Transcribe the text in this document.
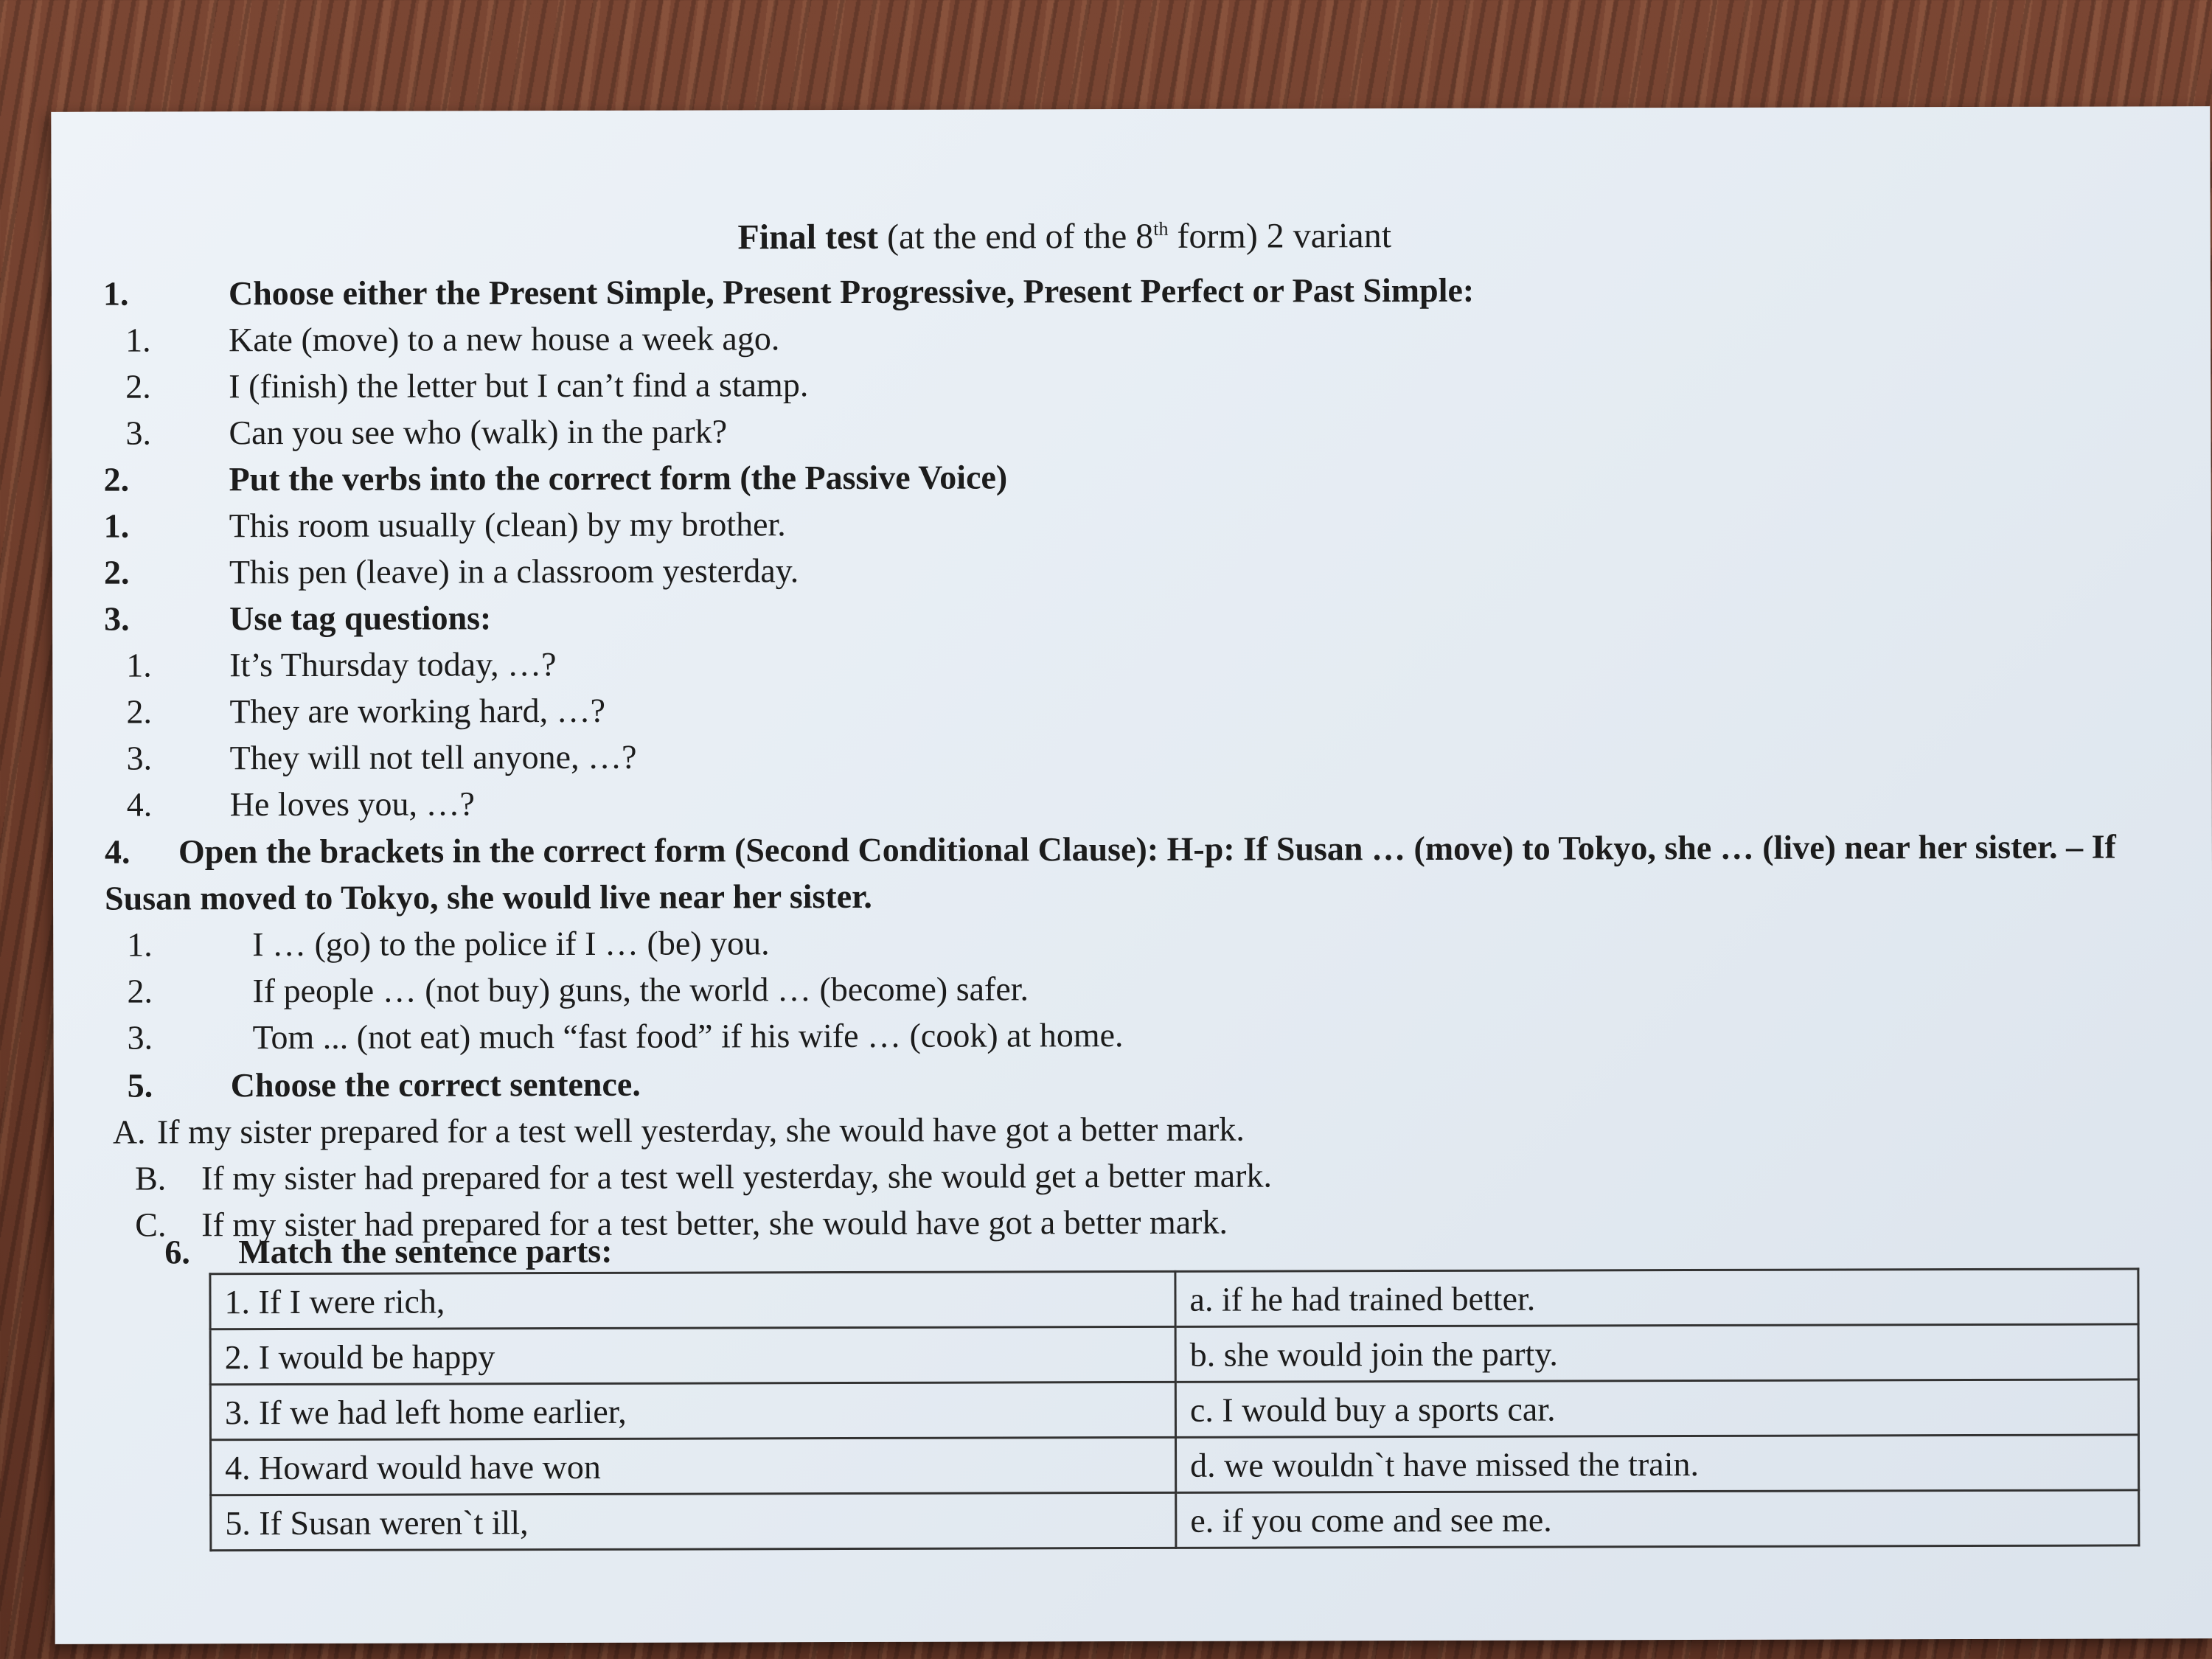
Final test (at the end of the 8th form) 2 variant
1.	Choose either the Present Simple, Present Progressive, Present Perfect or Past Simple:
1.	Kate (move) to a new house a week ago.
2.	I (finish) the letter but I can’t find a stamp.
3.	Can you see who (walk) in the park?
2.	Put the verbs into the correct form (the Passive Voice)
1.	This room usually (clean) by my brother.
2.	This pen (leave) in a classroom yesterday.
3.	Use tag questions:
1.	It’s Thursday today, …?
2.	They are working hard, …?
3.	They will not tell anyone, …?
4.	He loves you, …?
4. Open the brackets in the correct form (Second Conditional Clause): H-p: If Susan … (move) to Tokyo, she … (live) near her sister. – If Susan moved to Tokyo, she would live near her sister.
1.	I … (go) to the police if I … (be) you.
2.	If people … (not buy) guns, the world … (become) safer.
3.	Tom ... (not eat) much “fast food” if his wife … (cook) at home.
5.	Choose the correct sentence.
A. If my sister prepared for a test well yesterday, she would have got a better mark.
B.	If my sister had prepared for a test well yesterday, she would get a better mark.
C.	If my sister had prepared for a test better, she would have got a better mark.
6.	Match the sentence parts:
1. If I were rich,	a. if he had trained better.
2. I would be happy	b. she would join the party.
3. If we had left home earlier,	c. I would buy a sports car.
4. Howard would have won	d. we wouldn`t have missed the train.
5. If Susan weren`t ill,	e. if you come and see me.
